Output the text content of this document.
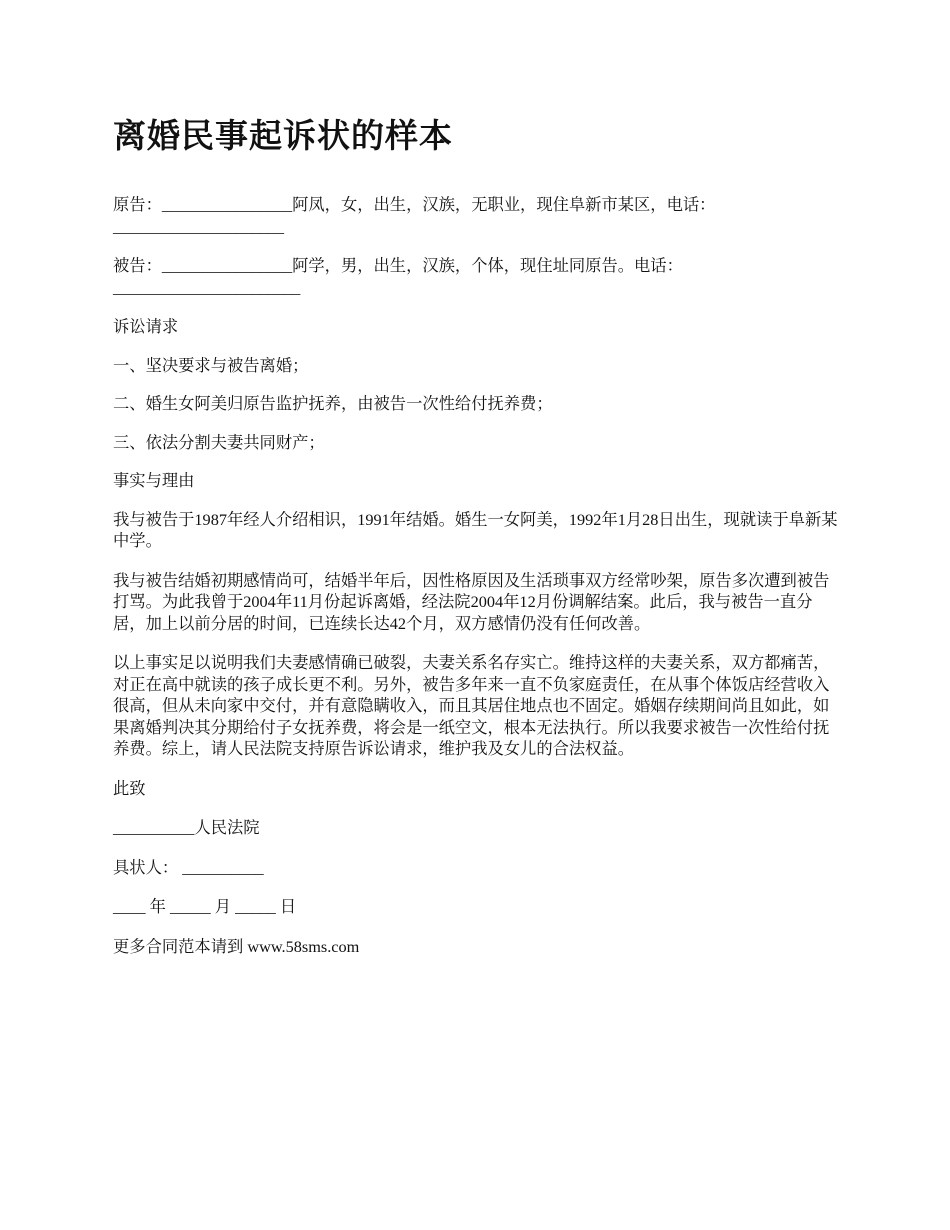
离婚民事起诉状的样本

原告：________________阿凤，女，出生，汉族，无职业，现住阜新市某区，电话：_____________________

被告：________________阿学，男，出生，汉族，个体，现住址同原告。电话：_______________________

诉讼请求

一、坚决要求与被告离婚；

二、婚生女阿美归原告监护抚养，由被告一次性给付抚养费；

三、依法分割夫妻共同财产；

事实与理由

我与被告于1987年经人介绍相识，1991年结婚。婚生一女阿美，1992年1月28日出生，现就读于阜新某中学。

我与被告结婚初期感情尚可，结婚半年后，因性格原因及生活琐事双方经常吵架，原告多次遭到被告打骂。为此我曾于2004年11月份起诉离婚，经法院2004年12月份调解结案。此后，我与被告一直分居，加上以前分居的时间，已连续长达42个月，双方感情仍没有任何改善。

以上事实足以说明我们夫妻感情确已破裂，夫妻关系名存实亡。维持这样的夫妻关系，双方都痛苦，对正在高中就读的孩子成长更不利。另外，被告多年来一直不负家庭责任，在从事个体饭店经营收入很高，但从未向家中交付，并有意隐瞒收入，而且其居住地点也不固定。婚姻存续期间尚且如此，如果离婚判决其分期给付子女抚养费，将会是一纸空文，根本无法执行。所以我要求被告一次性给付抚养费。综上，请人民法院支持原告诉讼请求，维护我及女儿的合法权益。

此致

__________人民法院

具状人： __________

____ 年 _____ 月 _____ 日

更多合同范本请到 www.58sms.com
